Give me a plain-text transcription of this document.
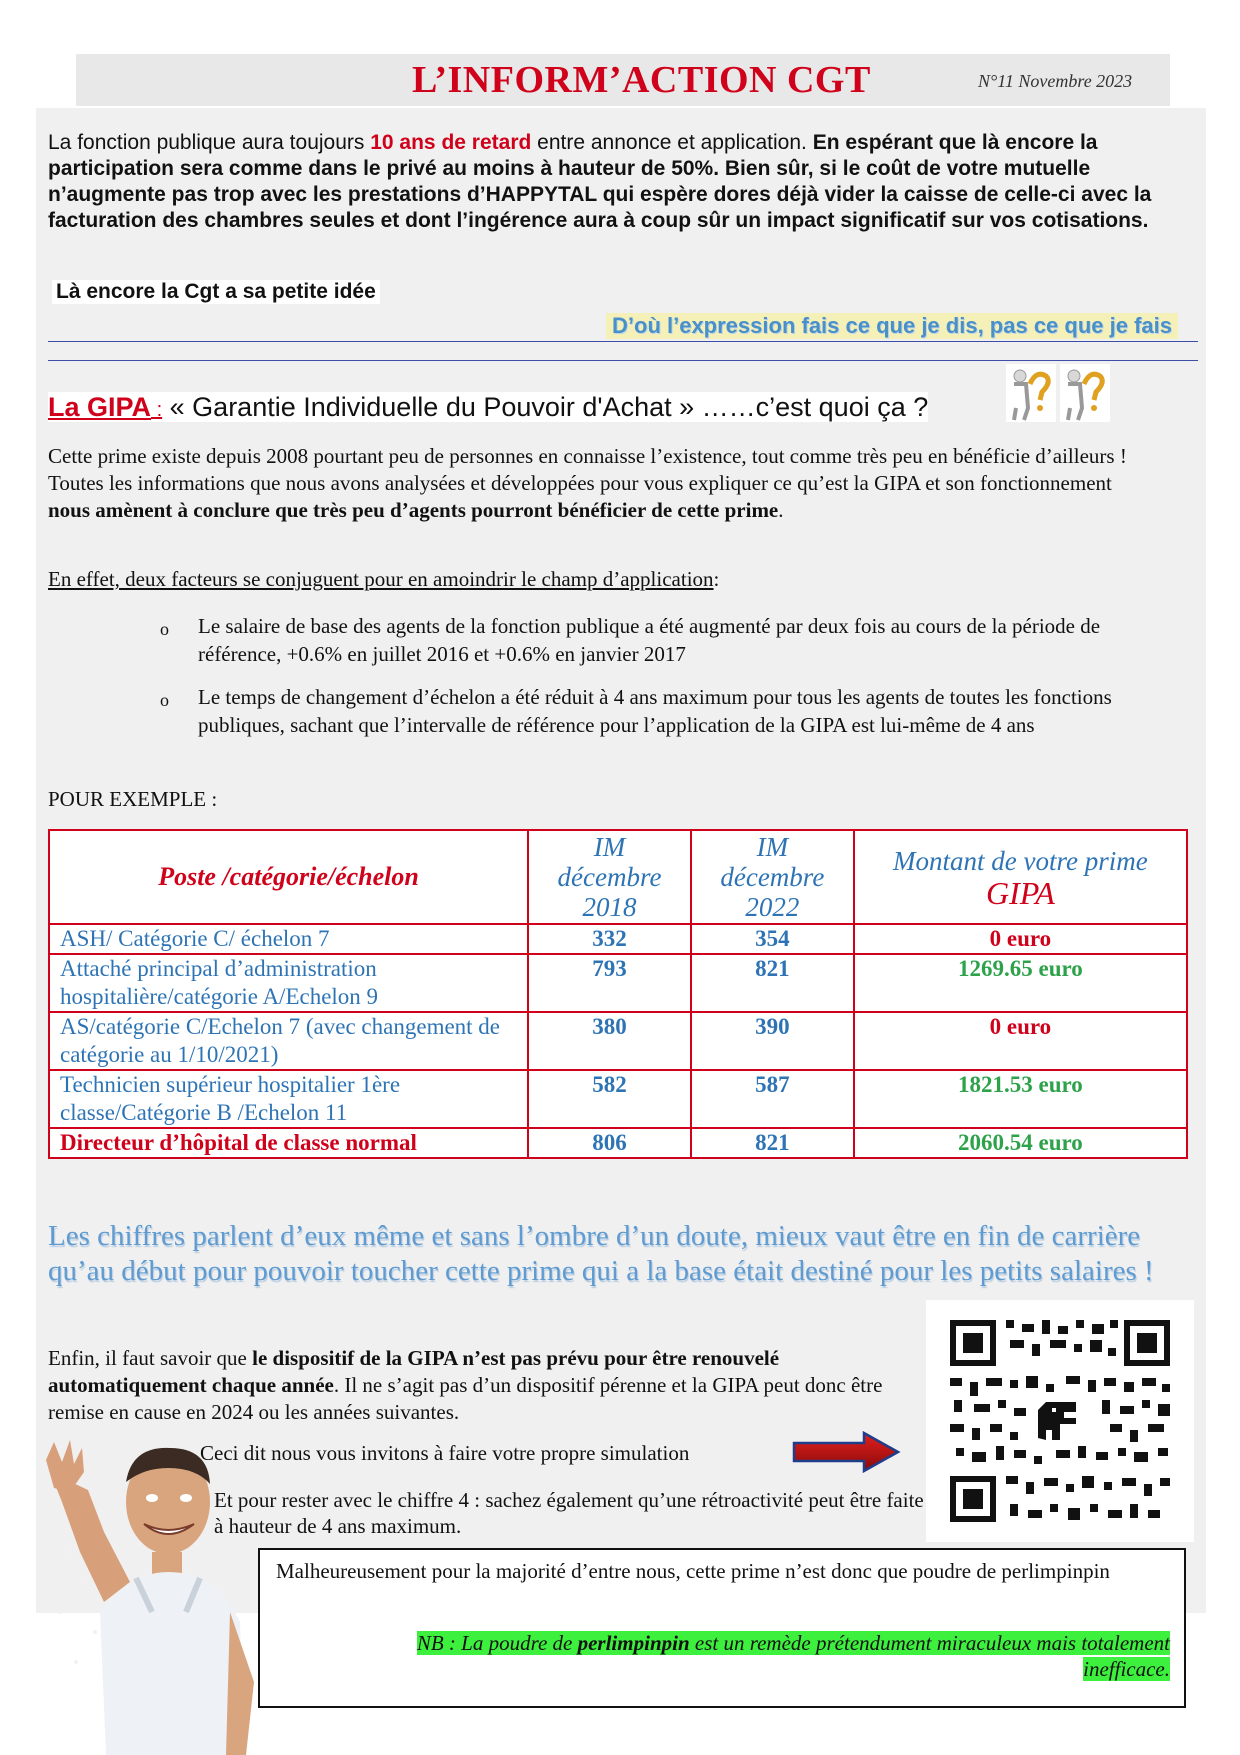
L’INFORM’ACTION CGT	N°11 Novembre 2023

La fonction publique aura toujours 10 ans de retard entre annonce et application. En espérant que là encore la participation sera comme dans le privé au moins à hauteur de 50%. Bien sûr, si le coût de votre mutuelle n’augmente pas trop avec les prestations d’HAPPYTAL qui espère dores déjà vider la caisse de celle-ci avec la facturation des chambres seules et dont l’ingérence aura à coup sûr un impact significatif sur vos cotisations.

Là encore la Cgt a sa petite idée
D’où l’expression fais ce que je dis, pas ce que je fais
La GIPA : « Garantie Individuelle du Pouvoir d'Achat » ……c’est quoi ça ?

Cette prime existe depuis 2008 pourtant peu de personnes en connaisse l’existence, tout comme très peu en bénéficie d’ailleurs ! Toutes les informations que nous avons analysées et développées pour vous expliquer ce qu’est la GIPA et son fonctionnement nous amènent à conclure que très peu d’agents pourront bénéficier de cette prime.

En effet, deux facteurs se conjuguent pour en amoindrir le champ d’application:
o Le salaire de base des agents de la fonction publique a été augmenté par deux fois au cours de la période de référence, +0.6% en juillet 2016 et +0.6% en janvier 2017

o Le temps de changement d’échelon a été réduit à 4 ans maximum pour tous les agents de toutes les fonctions publiques, sachant que l’intervalle de référence pour l’application de la GIPA est lui-même de 4 ans

POUR EXEMPLE :
Poste /catégorie/échelon	IM
décembre
2018	IM
décembre
2022	Montant de votre prime
GIPA

ASH/ Catégorie C/ échelon 7	332	354	0 euro
Attaché principal d’administration hospitalière/catégorie A/Echelon 9	793	821	1269.65 euro
AS/catégorie C/Echelon 7 (avec changement de catégorie au 1/10/2021)	380	390	0 euro
Technicien supérieur hospitalier 1ère classe/Catégorie B /Echelon 11	582	587	1821.53 euro
Directeur d’hôpital de classe normal	806	821	2060.54 euro

Les chiffres parlent d’eux même et sans l’ombre d’un doute, mieux vaut être en fin de carrière qu’au début pour pouvoir toucher cette prime qui a la base était destiné pour les petits salaires !

Enfin, il faut savoir que le dispositif de la GIPA n’est pas prévu pour être renouvelé automatiquement chaque année. Il ne s’agit pas d’un dispositif pérenne et la GIPA peut donc être remise en cause en 2024 ou les années suivantes.

Ceci dit nous vous invitons à faire votre propre simulation

Et pour rester avec le chiffre 4 : sachez également qu’une rétroactivité peut être faite à hauteur de 4 ans maximum.

Malheureusement pour la majorité d’entre nous, cette prime n’est donc que poudre de perlimpinpin

NB : La poudre de perlimpinpin est un remède prétendument miraculeux mais totalement inefficace.
